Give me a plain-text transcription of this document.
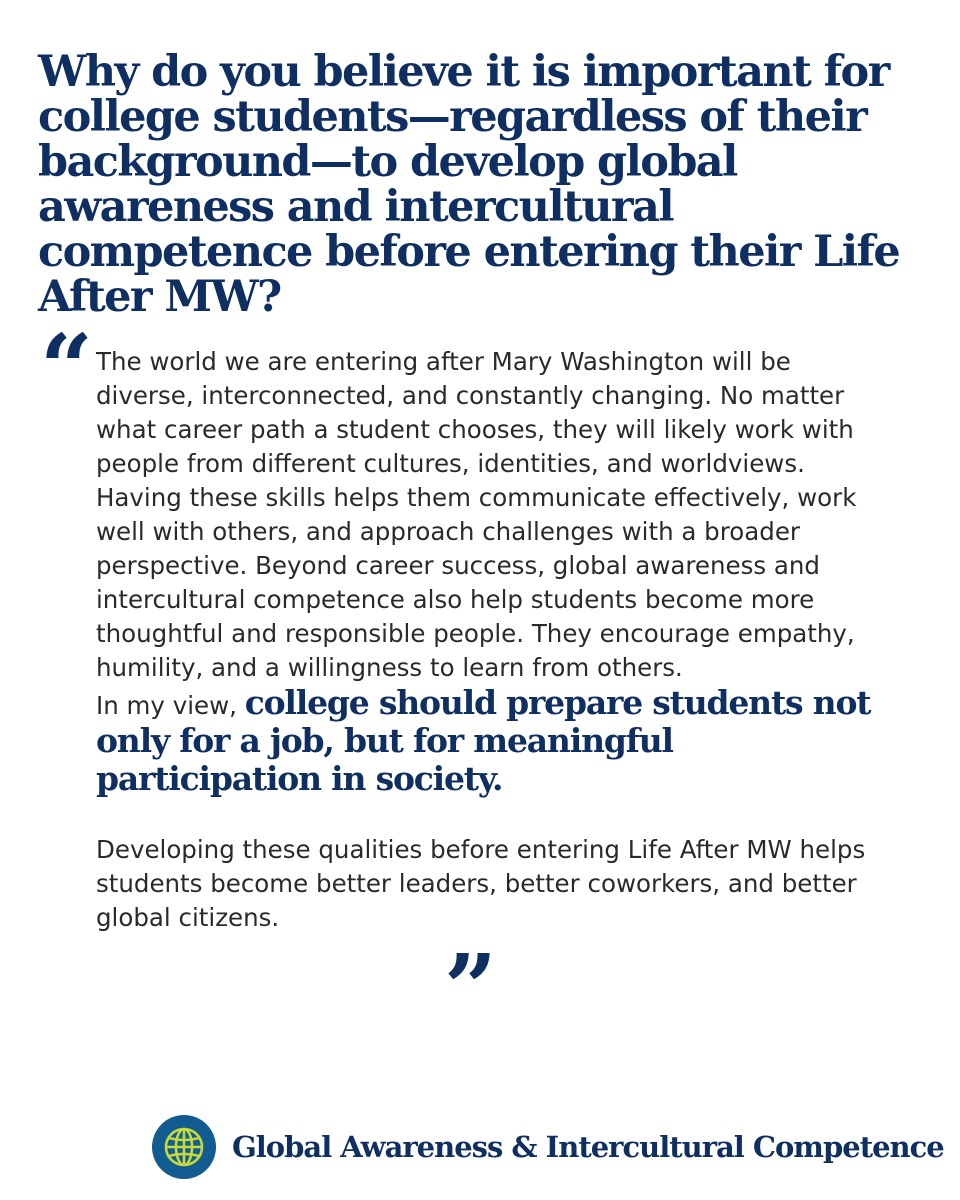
Why do you believe it is important for college students—regardless of their background—to develop global awareness and intercultural competence before entering their Life After MW?
“ The world we are entering after Mary Washington will be diverse, interconnected, and constantly changing. No matter what career path a student chooses, they will likely work with people from different cultures, identities, and worldviews. Having these skills helps them communicate effectively, work well with others, and approach challenges with a broader perspective. Beyond career success, global awareness and intercultural competence also help students become more thoughtful and responsible people. They encourage empathy, humility, and a willingness to learn from others.

In my view, college should prepare students not only for a job, but for meaningful participation in society.

Developing these qualities before entering Life After MW helps students become better leaders, better coworkers, and better global citizens.

”
Global Awareness & Intercultural Competence
